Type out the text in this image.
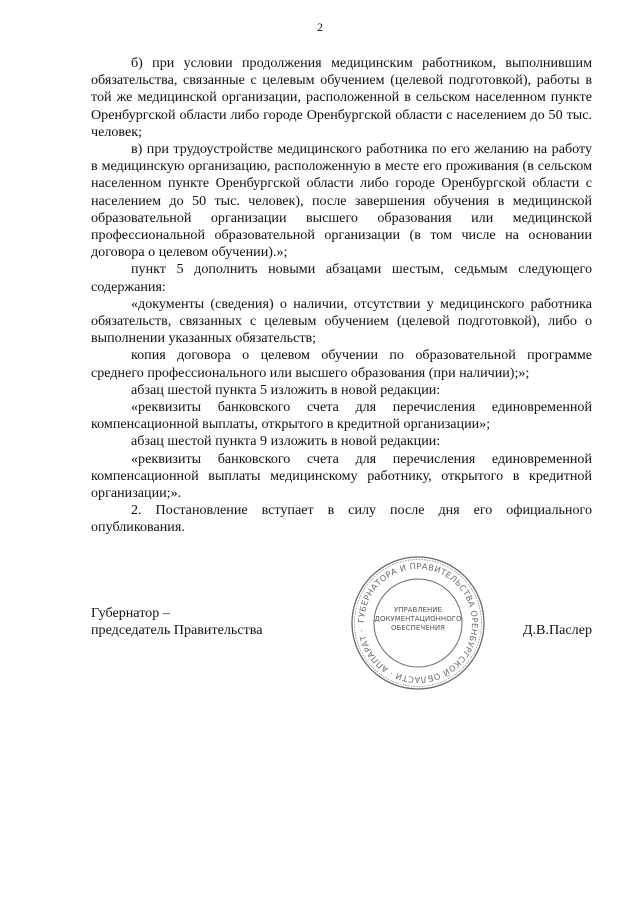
2

б) при условии продолжения медицинским работником, выполнившим обязательства, связанные с целевым обучением (целевой подготовкой), работы в той же медицинской организации, расположенной в сельском населенном пункте Оренбургской области либо городе Оренбургской области с населением до 50 тыс. человек;

в) при трудоустройстве медицинского работника по его желанию на работу в медицинскую организацию, расположенную в месте его проживания (в сельском населенном пункте Оренбургской области либо городе Оренбургской области с населением до 50 тыс. человек), после завершения обучения в медицинской образовательной организации высшего образования или медицинской профессиональной образовательной организации (в том числе на основании договора о целевом обучении).»;

пункт 5 дополнить новыми абзацами шестым, седьмым следующего содержания:

«документы (сведения) о наличии, отсутствии у медицинского работника обязательств, связанных с целевым обучением (целевой подготовкой), либо о выполнении указанных обязательств;

копия договора о целевом обучении по образовательной программе среднего профессионального или высшего образования (при наличии);»;

абзац шестой пункта 5 изложить в новой редакции:

«реквизиты банковского счета для перечисления единовременной компенсационной выплаты, открытого в кредитной организации»;

абзац шестой пункта 9 изложить в новой редакции:

«реквизиты банковского счета для перечисления единовременной компенсационной выплаты медицинскому работнику, открытого в кредитной организации;».

2. Постановление вступает в силу после дня его официального опубликования.

Губернатор –
председатель Правительства
ГУБЕРНАТОРА И ПРАВИТЕЛЬСТВА ОРЕНБУРГСКОЙ ОБЛАСТИ · АППАРАТ ·
УПРАВЛЕНИЕ
ДОКУМЕНТАЦИОННОГО
ОБЕСПЕЧЕНИЯ	Д.В.Паслер
